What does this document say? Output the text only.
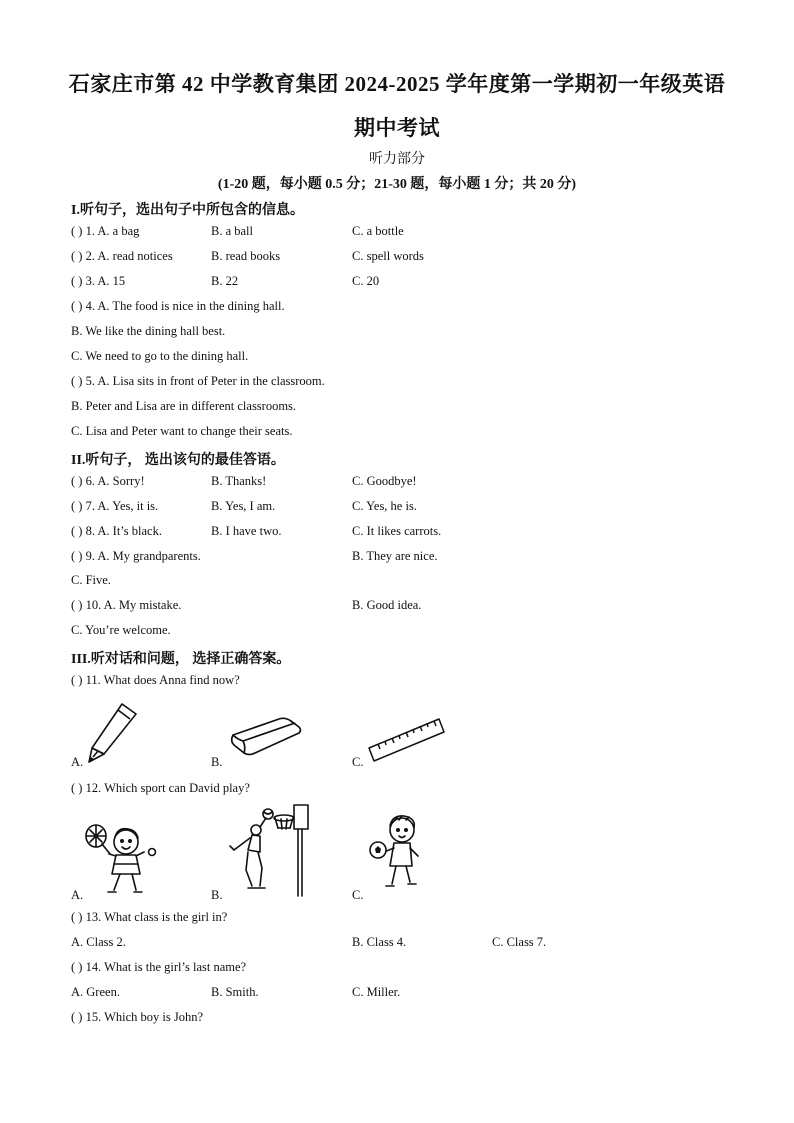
石家庄市第 42 中学教育集团 2024-2025 学年度第一学期初一年级英语
期中考试
听力部分
(1-20 题，每小题 0.5 分；21-30 题，每小题 1 分；共 20 分)
I.听句子，选出句子中所包含的信息。
( ) 1. A. a bag	B. a ball	C. a bottle
( ) 2. A. read notices	B. read books	C. spell words
( ) 3. A. 15	B. 22	C. 20
( ) 4. A. The food is nice in the dining hall.
B. We like the dining hall best.
C. We need to go to the dining hall.
( ) 5. A. Lisa sits in front of Peter in the classroom.
B. Peter and Lisa are in different classrooms.
C. Lisa and Peter want to change their seats.
II.听句子， 选出该句的最佳答语。
( ) 6. A. Sorry!	B. Thanks!	C. Goodbye!
( ) 7. A. Yes, it is.	B. Yes, I am.	C. Yes, he is.
( ) 8. A. It’s black.	B. I have two.	C. It likes carrots.
( ) 9. A. My grandparents.	B. They are nice.
C. Five.
( ) 10. A. My mistake.	B. Good idea.
C. You’re welcome.
III.听对话和问题， 选择正确答案。
( ) 11. What does Anna find now?
A.	B.	C.
( ) 12. Which sport can David play?
A.	B.	C.
( ) 13. What class is the girl in?
A. Class 2.	B. Class 4.	C. Class 7.
( ) 14. What is the girl’s last name?
A. Green.	B. Smith.	C. Miller.
( ) 15. Which boy is John?
